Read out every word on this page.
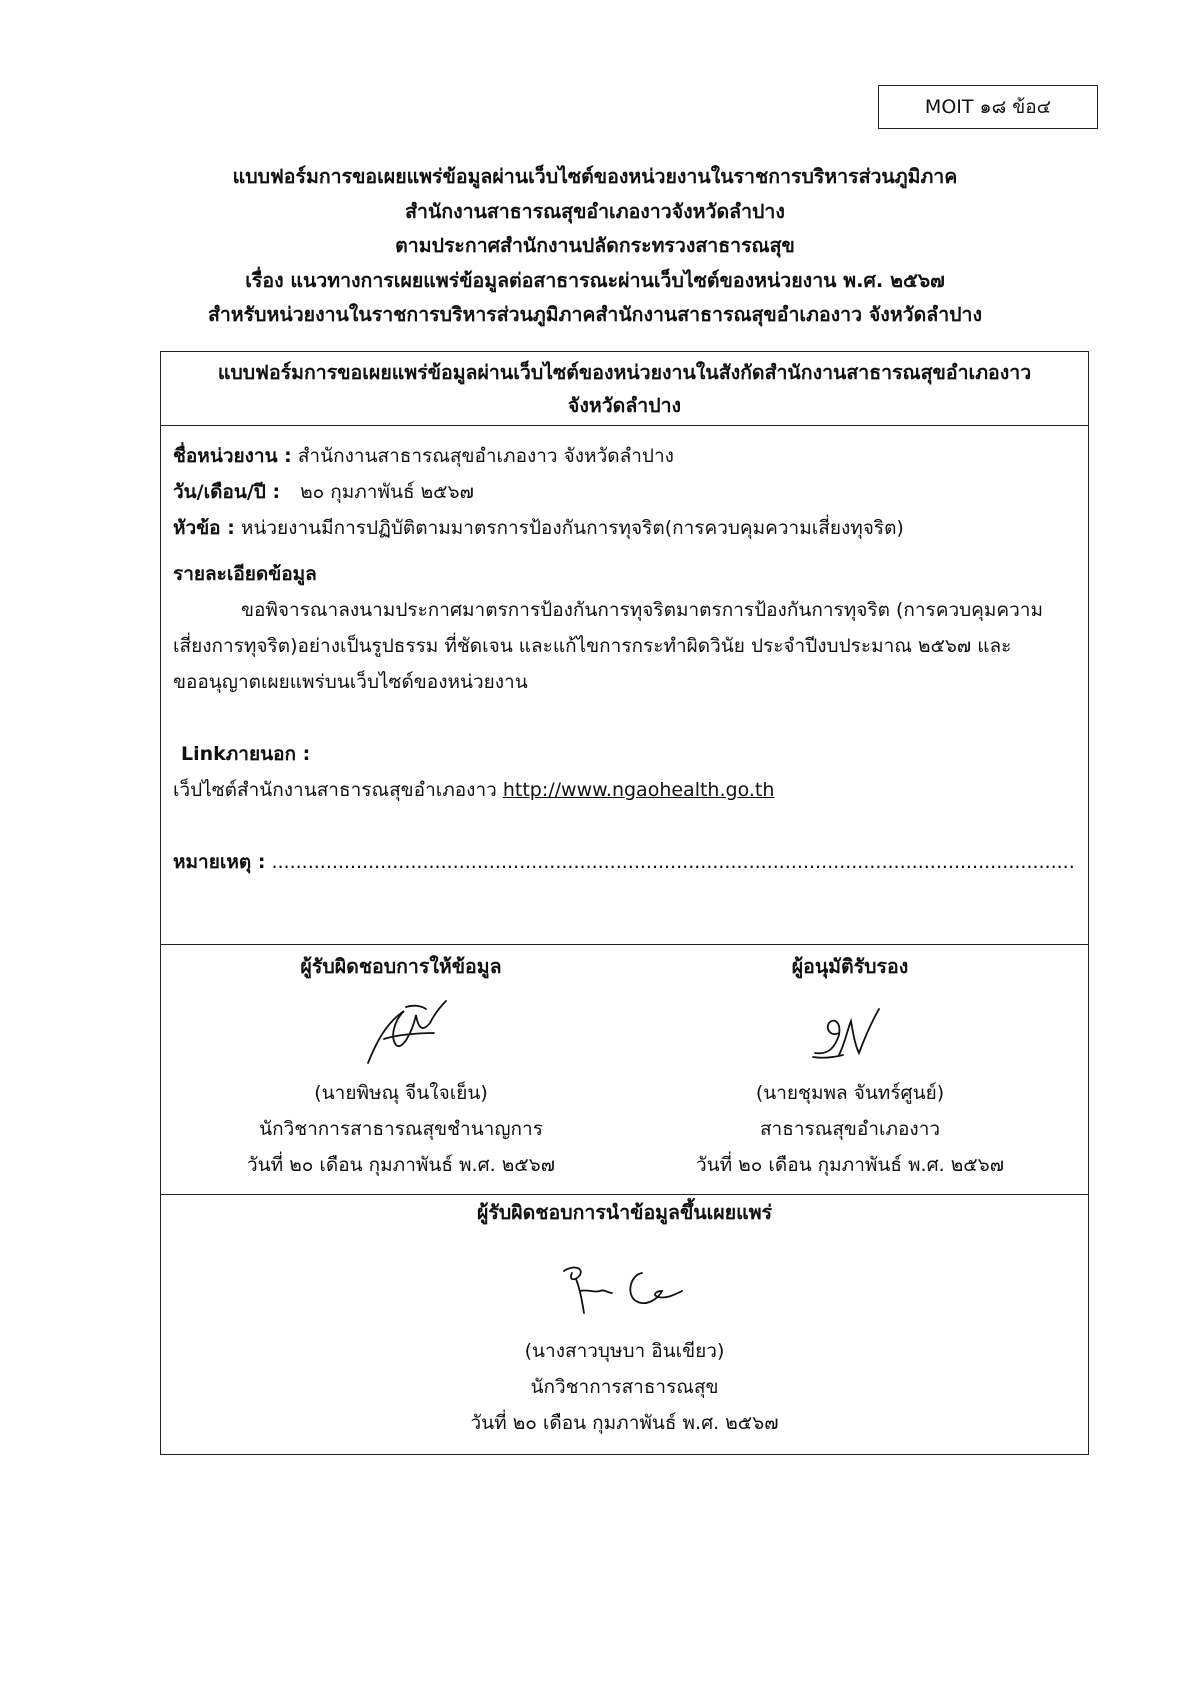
MOIT ๑๘ ข้อ๔
แบบฟอร์มการขอเผยแพร่ข้อมูลผ่านเว็บไซต์ของหน่วยงานในราชการบริหารส่วนภูมิภาค
สำนักงานสาธารณสุขอำเภองาวจังหวัดลำปาง
ตามประกาศสำนักงานปลัดกระทรวงสาธารณสุข
เรื่อง แนวทางการเผยแพร่ข้อมูลต่อสาธารณะผ่านเว็บไซต์ของหน่วยงาน พ.ศ. ๒๕๖๗
สำหรับหน่วยงานในราชการบริหารส่วนภูมิภาคสำนักงานสาธารณสุขอำเภองาว จังหวัดลำปาง
แบบฟอร์มการขอเผยแพร่ข้อมูลผ่านเว็บไซต์ของหน่วยงานในสังกัดสำนักงานสาธารณสุขอำเภองาว
จังหวัดลำปาง

ชื่อหน่วยงาน : สำนักงานสาธารณสุขอำเภองาว จังหวัดลำปาง

วัน/เดือน/ปี : ๒๐ กุมภาพันธ์ ๒๕๖๗

หัวข้อ : หน่วยงานมีการปฏิบัติตามมาตรการป้องกันการทุจริต(การควบคุมความเสี่ยงทุจริต)

รายละเอียดข้อมูล

ขอพิจารณาลงนามประกาศมาตรการป้องกันการทุจริตมาตรการป้องกันการทุจริต (การควบคุมความ

เสี่ยงการทุจริต)อย่างเป็นรูปธรรม ที่ชัดเจน และแก้ไขการกระทำผิดวินัย ประจำปีงบประมาณ ๒๕๖๗ และ

ขออนุญาตเผยแพร่บนเว็บไซด์ของหน่วยงาน

Linkภายนอก :

เว็ปไซต์สำนักงานสาธารณสุขอำเภองาว http://www.ngaohealth.go.th

หมายเหตุ : .....................................................................................................................................

ผู้รับผิดชอบการให้ข้อมูล
(นายพิษณุ จีนใจเย็น)
นักวิชาการสาธารณสุขชำนาญการ
วันที่ ๒๐ เดือน กุมภาพันธ์ พ.ศ. ๒๕๖๗
ผู้อนุมัติรับรอง
(นายชุมพล จันทร์ศูนย์)
สาธารณสุขอำเภองาว
วันที่ ๒๐ เดือน กุมภาพันธ์ พ.ศ. ๒๕๖๗
ผู้รับผิดชอบการนำข้อมูลขึ้นเผยแพร่
(นางสาวบุษบา อินเขียว)
นักวิชาการสาธารณสุข
วันที่ ๒๐ เดือน กุมภาพันธ์ พ.ศ. ๒๕๖๗
